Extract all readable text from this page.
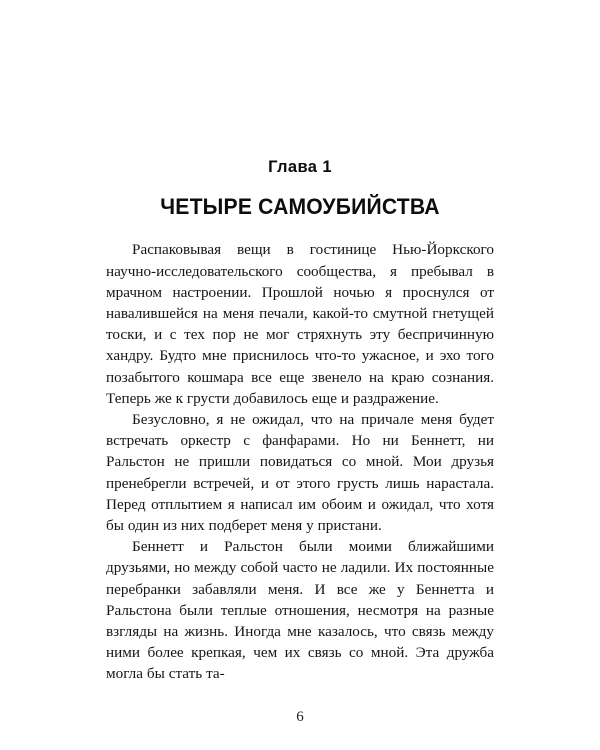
Глава 1
ЧЕТЫРЕ САМОУБИЙСТВА

Распаковывая вещи в гостинице Нью-Йоркского научно-исследовательского сообщества, я пребывал в мрачном настроении. Прошлой ночью я проснулся от навалившейся на меня печали, какой-то смутной гнетущей тоски, и с тех пор не мог стряхнуть эту беспричинную хандру. Будто мне приснилось что-то ужасное, и эхо того позабытого кошмара все еще звенело на краю сознания. Теперь же к грусти добавилось еще и раздражение.

Безусловно, я не ожидал, что на причале меня будет встречать оркестр с фанфарами. Но ни Беннетт, ни Ральстон не пришли повидаться со мной. Мои друзья пренебрегли встречей, и от этого грусть лишь нарастала. Перед отплытием я написал им обоим и ожидал, что хотя бы один из них подберет меня у пристани.

Беннетт и Ральстон были моими ближайшими друзьями, но между собой часто не ладили. Их постоянные перебранки забавляли меня. И все же у Беннетта и Ральстона были теплые отношения, несмотря на разные взгляды на жизнь. Иногда мне казалось, что связь между ними более крепкая, чем их связь со мной. Эта дружба могла бы стать та-

6
